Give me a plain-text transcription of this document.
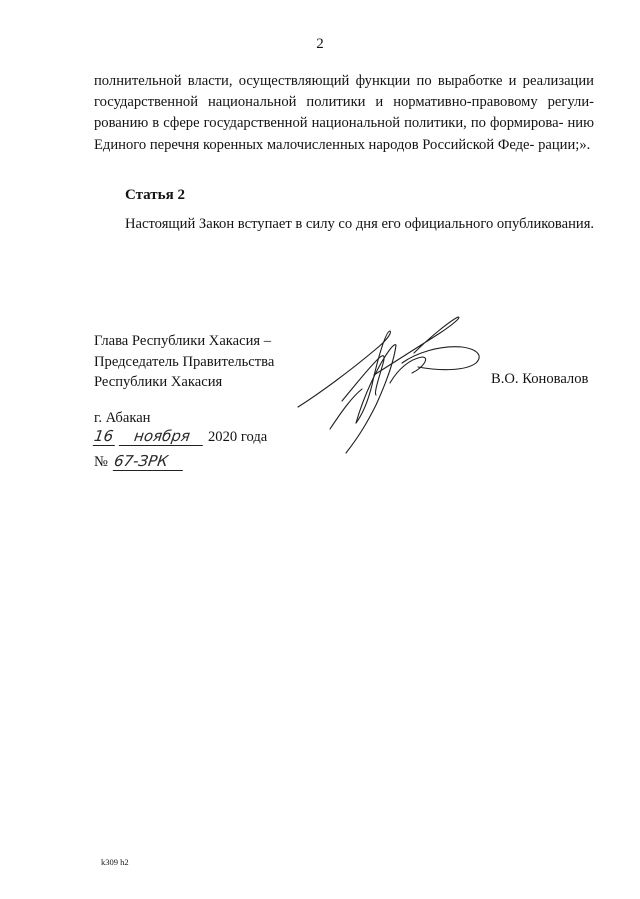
2

полнительной власти, осуществляющий функции по выработке и реализации государственной национальной политики и нормативно-правовому регули- рованию в сфере государственной национальной политики, по формирова- нию Единого перечня коренных малочисленных народов Российской Феде- рации;».

Статья 2
Настоящий Закон вступает в силу со дня его официального опубликования.
Глава Республики Хакасия –
Председатель Правительства
Республики Хакасия	В.О. Коновалов
г. Абакан
16 ноября 2020 года
№ 67-ЗРК
k309 h2
